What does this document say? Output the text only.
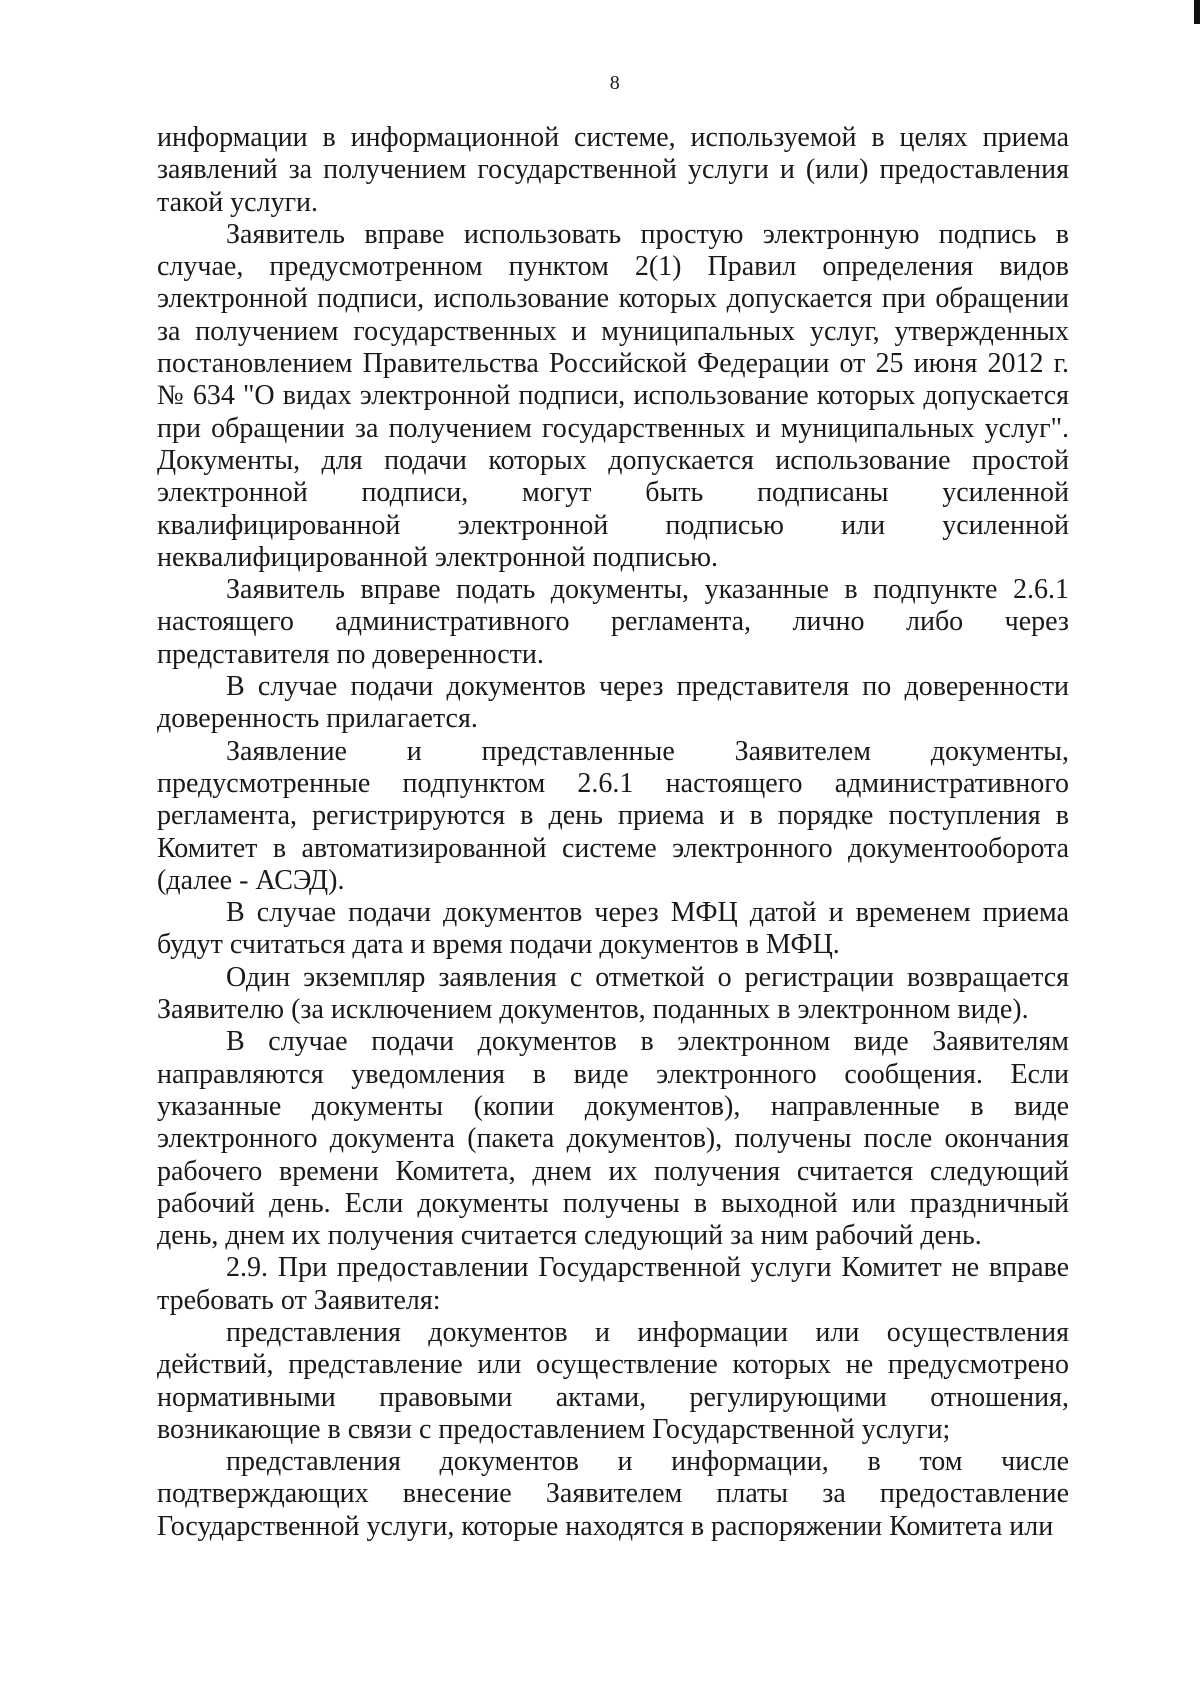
8

информации в информационной системе, используемой в целях приема заявлений за получением государственной услуги и (или) предоставления такой услуги.

Заявитель вправе использовать простую электронную подпись в случае, предусмотренном пунктом 2(1) Правил определения видов электронной подписи, использование которых допускается при обращении за получением государственных и муниципальных услуг, утвержденных постановлением Правительства Российской Федерации от 25 июня 2012 г. № 634 "О видах электронной подписи, использование которых допускается при обращении за получением государственных и муниципальных услуг". Документы, для подачи которых допускается использование простой электронной подписи, могут быть подписаны усиленной квалифицированной электронной подписью или усиленной неквалифицированной электронной подписью.

Заявитель вправе подать документы, указанные в подпункте 2.6.1 настоящего административного регламента, лично либо через представителя по доверенности.

В случае подачи документов через представителя по доверенности доверенность прилагается.

Заявление и представленные Заявителем документы, предусмотренные подпунктом 2.6.1 настоящего административного регламента, регистрируются в день приема и в порядке поступления в Комитет в автоматизированной системе электронного документооборота (далее - АСЭД).

В случае подачи документов через МФЦ датой и временем приема будут считаться дата и время подачи документов в МФЦ.

Один экземпляр заявления с отметкой о регистрации возвращается Заявителю (за исключением документов, поданных в электронном виде).

В случае подачи документов в электронном виде Заявителям направляются уведомления в виде электронного сообщения. Если указанные документы (копии документов), направленные в виде электронного документа (пакета документов), получены после окончания рабочего времени Комитета, днем их получения считается следующий рабочий день. Если документы получены в выходной или праздничный день, днем их получения считается следующий за ним рабочий день.

2.9. При предоставлении Государственной услуги Комитет не вправе требовать от Заявителя:

представления документов и информации или осуществления действий, представление или осуществление которых не предусмотрено нормативными правовыми актами, регулирующими отношения, возникающие в связи с предоставлением Государственной услуги;

представления документов и информации, в том числе подтверждающих внесение Заявителем платы за предоставление Государственной услуги, которые находятся в распоряжении Комитета или
